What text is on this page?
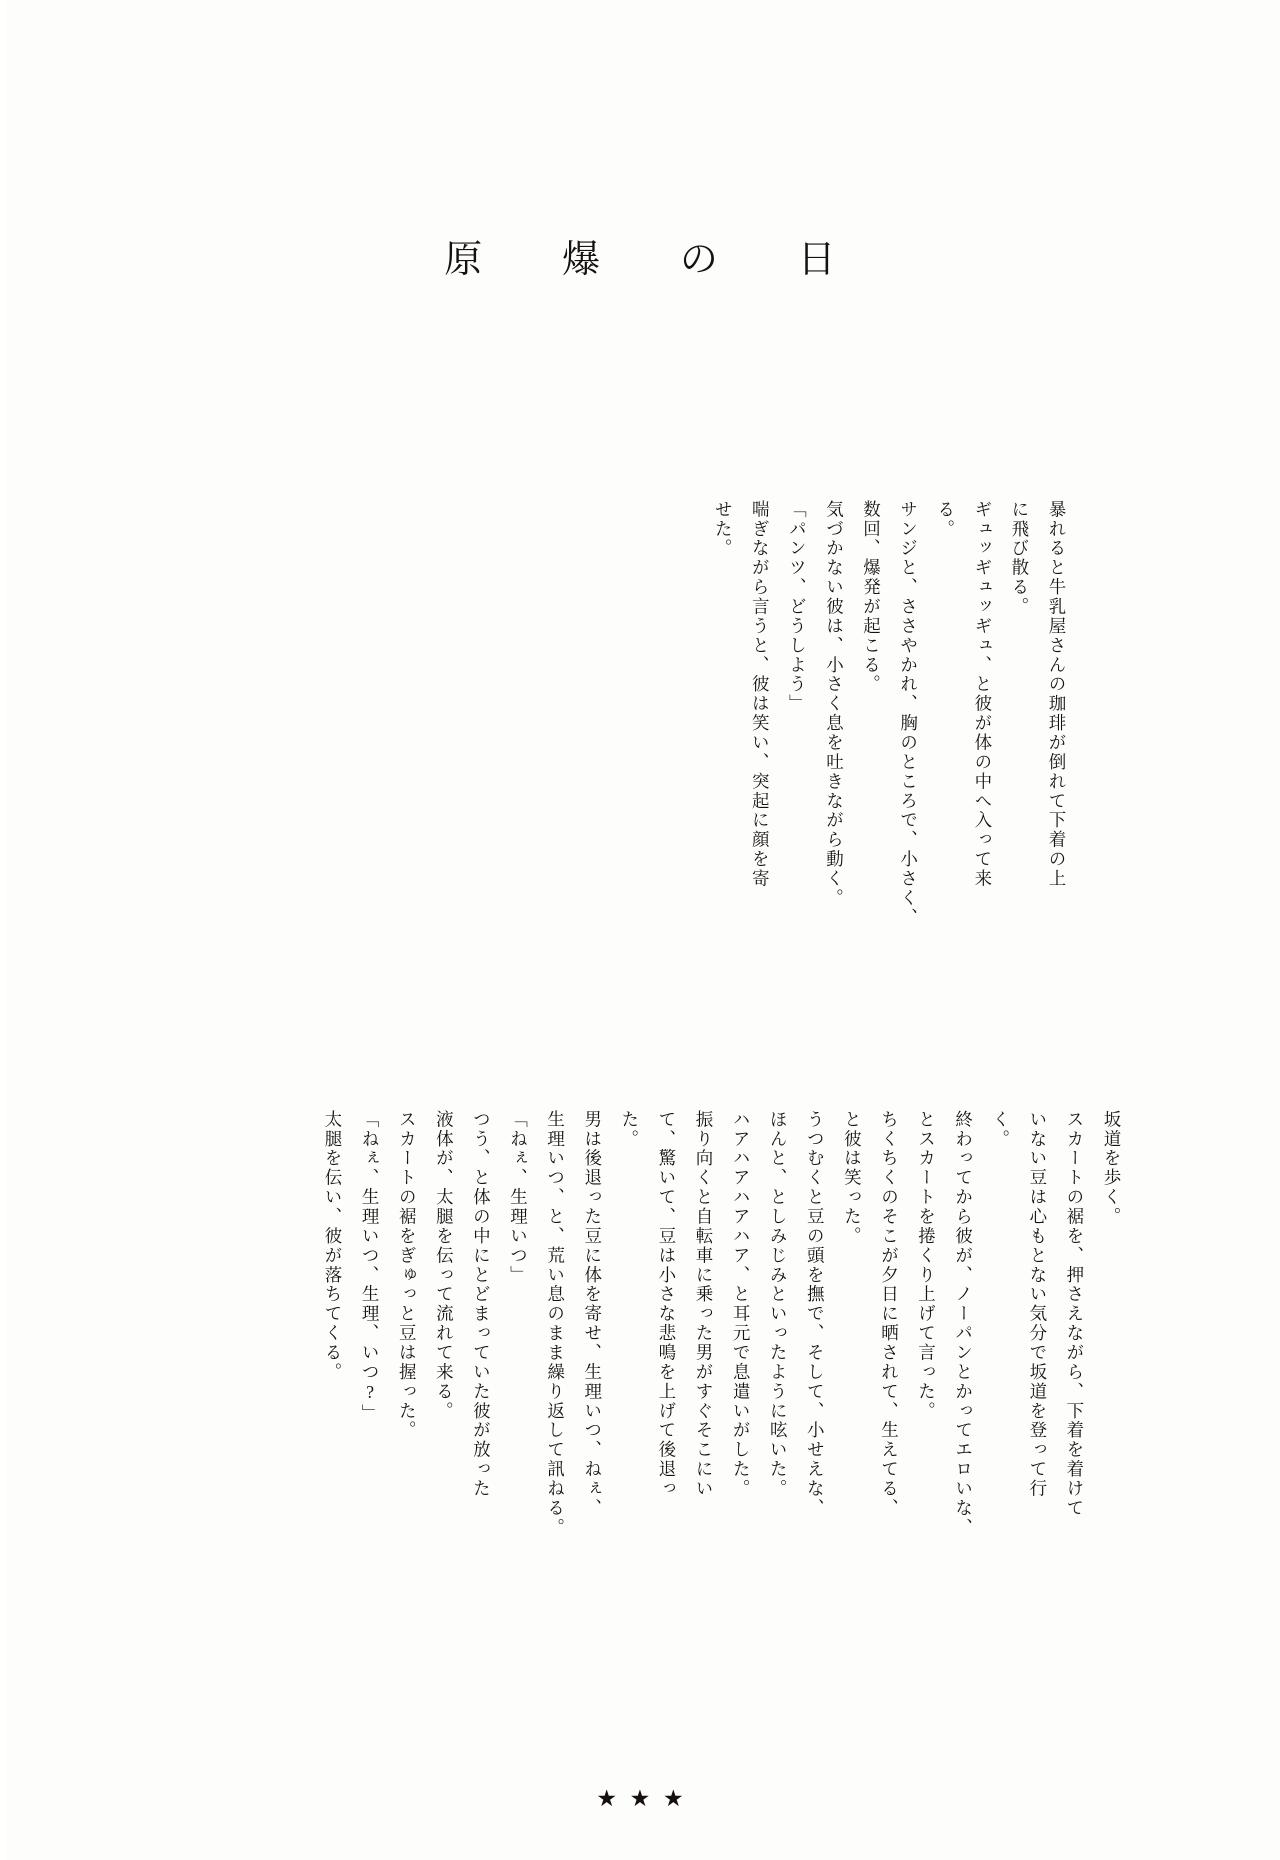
原　爆　の　日

暴れると牛乳屋さんの珈琲が倒れて下着の上

に飛び散る。

ギュッギュッギュ、と彼が体の中へ入って来

る。

サンジと、ささやかれ、胸のところで、小さく、

数回、爆発が起こる。

気づかない彼は、小さく息を吐きながら動く。

「パンツ、どうしよう」

喘ぎながら言うと、彼は笑い、突起に顔を寄

せた。

坂道を歩く。

スカートの裾を、押さえながら、下着を着けて

いない豆は心もとない気分で坂道を登って行

く。

終わってから彼が、ノーパンとかってエロいな、

とスカートを捲くり上げて言った。

ちくちくのそこが夕日に晒されて、生えてる、

と彼は笑った。

うつむくと豆の頭を撫で、そして、小せえな、

ほんと、としみじみといったように呟いた。

ハアハアハアハア、と耳元で息遣いがした。

振り向くと自転車に乗った男がすぐそこにい

て、驚いて、豆は小さな悲鳴を上げて後退っ

た。

男は後退った豆に体を寄せ、生理いつ、ねぇ、

生理いつ、と、荒い息のまま繰り返して訊ねる。

「ねぇ、生理いつ」

つう、と体の中にとどまっていた彼が放った

液体が、太腿を伝って流れて来る。

スカートの裾をぎゅっと豆は握った。

「ねぇ、生理いつ、生理、いつ?」

太腿を伝い、彼が落ちてくる。

★★★
